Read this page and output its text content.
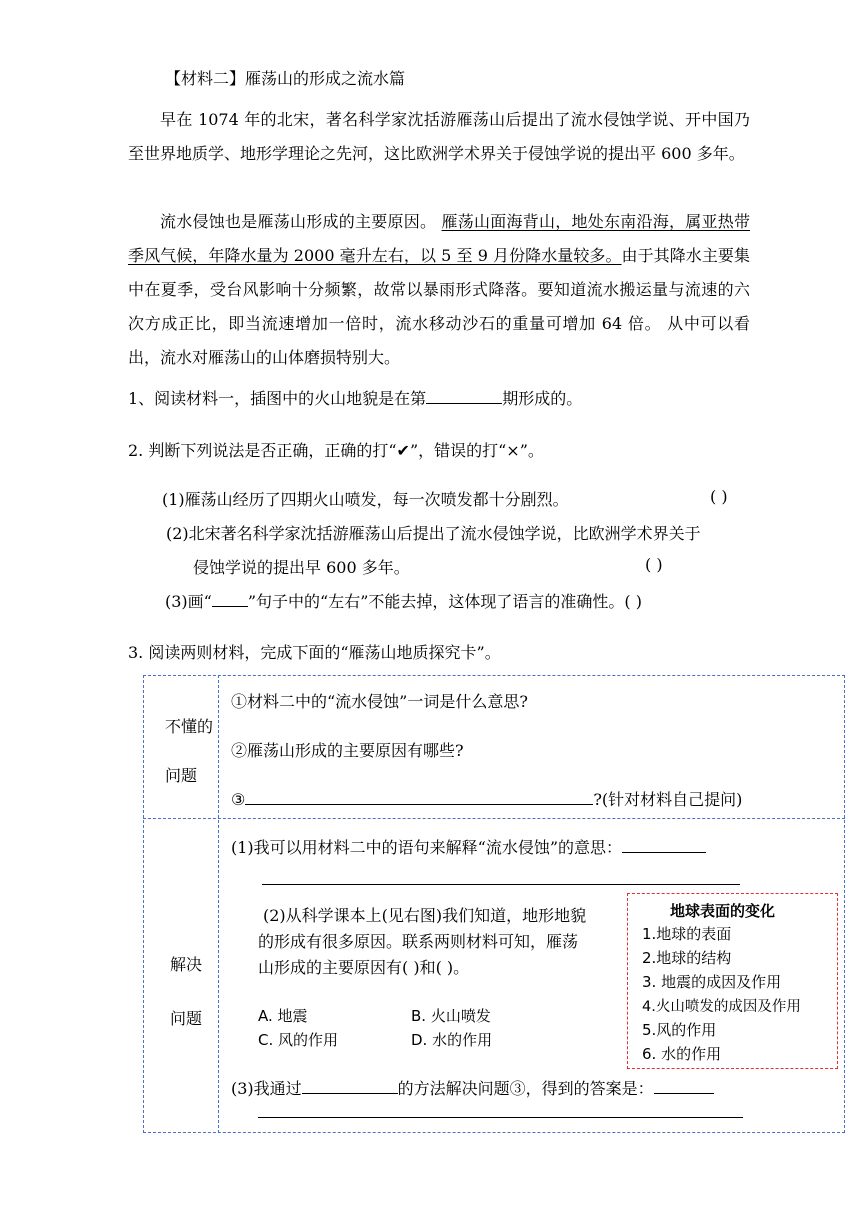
【材料二】雁荡山的形成之流水篇
早在 1074 年的北宋，著名科学家沈括游雁荡山后提出了流水侵蚀学说、开中国乃至世界地质学、地形学理论之先河，这比欧洲学术界关于侵蚀学说的提出平 600 多年。
流水侵蚀也是雁荡山形成的主要原因。 雁荡山面海背山，地处东南沿海，属亚热带季风气候，年降水量为 2000 毫升左右，以 5 至 9 月份降水量较多。由于其降水主要集中在夏季，受台风影响十分频繁，故常以暴雨形式降落。要知道流水搬运量与流速的六次方成正比，即当流速增加一倍时，流水移动沙石的重量可增加 64 倍。 从中可以看出，流水对雁荡山的山体磨损特别大。
1、阅读材料一，插图中的火山地貌是在第	期形成的。
2. 判断下列说法是否正确，正确的打“✔”，错误的打“×”。
(1)雁荡山经历了四期火山喷发，每一次喷发都十分剧烈。	( )
(2)北宋著名科学家沈括游雁荡山后提出了流水侵蚀学说，比欧洲学术界关于
侵蚀学说的提出早 600 多年。	( )
(3)画“ ”句子中的“左右”不能去掉，这体现了语言的准确性。( )
3. 阅读两则材料，完成下面的“雁荡山地质探究卡”。
不懂的
问题
①材料二中的“流水侵蚀”一词是什么意思?
②雁荡山形成的主要原因有哪些?
③	?(针对材料自己提问)
解决
问题
(1)我可以用材料二中的语句来解释“流水侵蚀”的意思：
(2)从科学课本上(见右图)我们知道，地形地貌
的形成有很多原因。联系两则材料可知，雁荡
山形成的主要原因有( )和( )。
A. 地震	B. 火山喷发
C. 风的作用	D. 水的作用
地球表面的变化
1.地球的表面
2.地球的结构
3. 地震的成因及作用
4.火山喷发的成因及作用
5.风的作用
6. 水的作用
(3)我通过	的方法解决问题③，得到的答案是：
